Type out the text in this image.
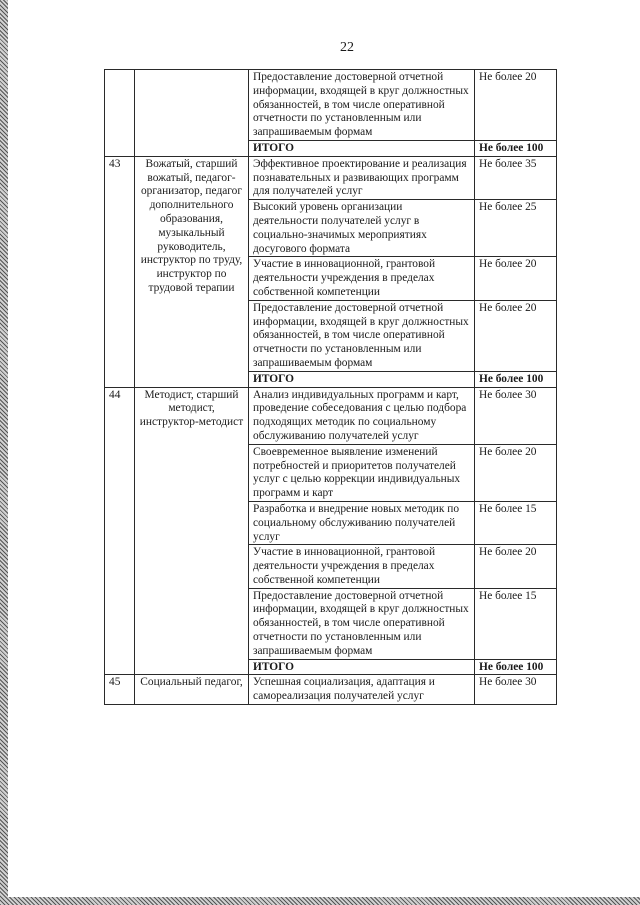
22
		Предоставление достоверной отчетной информации, входящей в круг должностных обязанностей, в том числе оперативной отчетности по установленным или запрашиваемым формам	Не более 20
		ИТОГО	Не более 100
43	Вожатый, старший вожатый, педагог-организатор, педагог дополнительного образования, музыкальный руководитель, инструктор по труду, инструктор по трудовой терапии	Эффективное проектирование и реализация познавательных и развивающих программ для получателей услуг	Не более 35
		Высокий уровень организации деятельности получателей услуг в социально-значимых мероприятиях досугового формата	Не более 25
		Участие в инновационной, грантовой деятельности учреждения в пределах собственной компетенции	Не более 20
		Предоставление достоверной отчетной информации, входящей в круг должностных обязанностей, в том числе оперативной отчетности по установленным или запрашиваемым формам	Не более 20
		ИТОГО	Не более 100
44	Методист, старший методист, инструктор-методист	Анализ индивидуальных программ и карт, проведение собеседования с целью подбора подходящих методик по социальному обслуживанию получателей услуг	Не более 30
		Своевременное выявление изменений потребностей и приоритетов получателей услуг с целью коррекции индивидуальных программ и карт	Не более 20
		Разработка и внедрение новых методик по социальному обслуживанию получателей услуг	Не более 15
		Участие в инновационной, грантовой деятельности учреждения в пределах собственной компетенции	Не более 20
		Предоставление достоверной отчетной информации, входящей в круг должностных обязанностей, в том числе оперативной отчетности по установленным или запрашиваемым формам	Не более 15
		ИТОГО	Не более 100
45	Социальный педагог,	Успешная социализация, адаптация и самореализация получателей услуг	Не более 30
